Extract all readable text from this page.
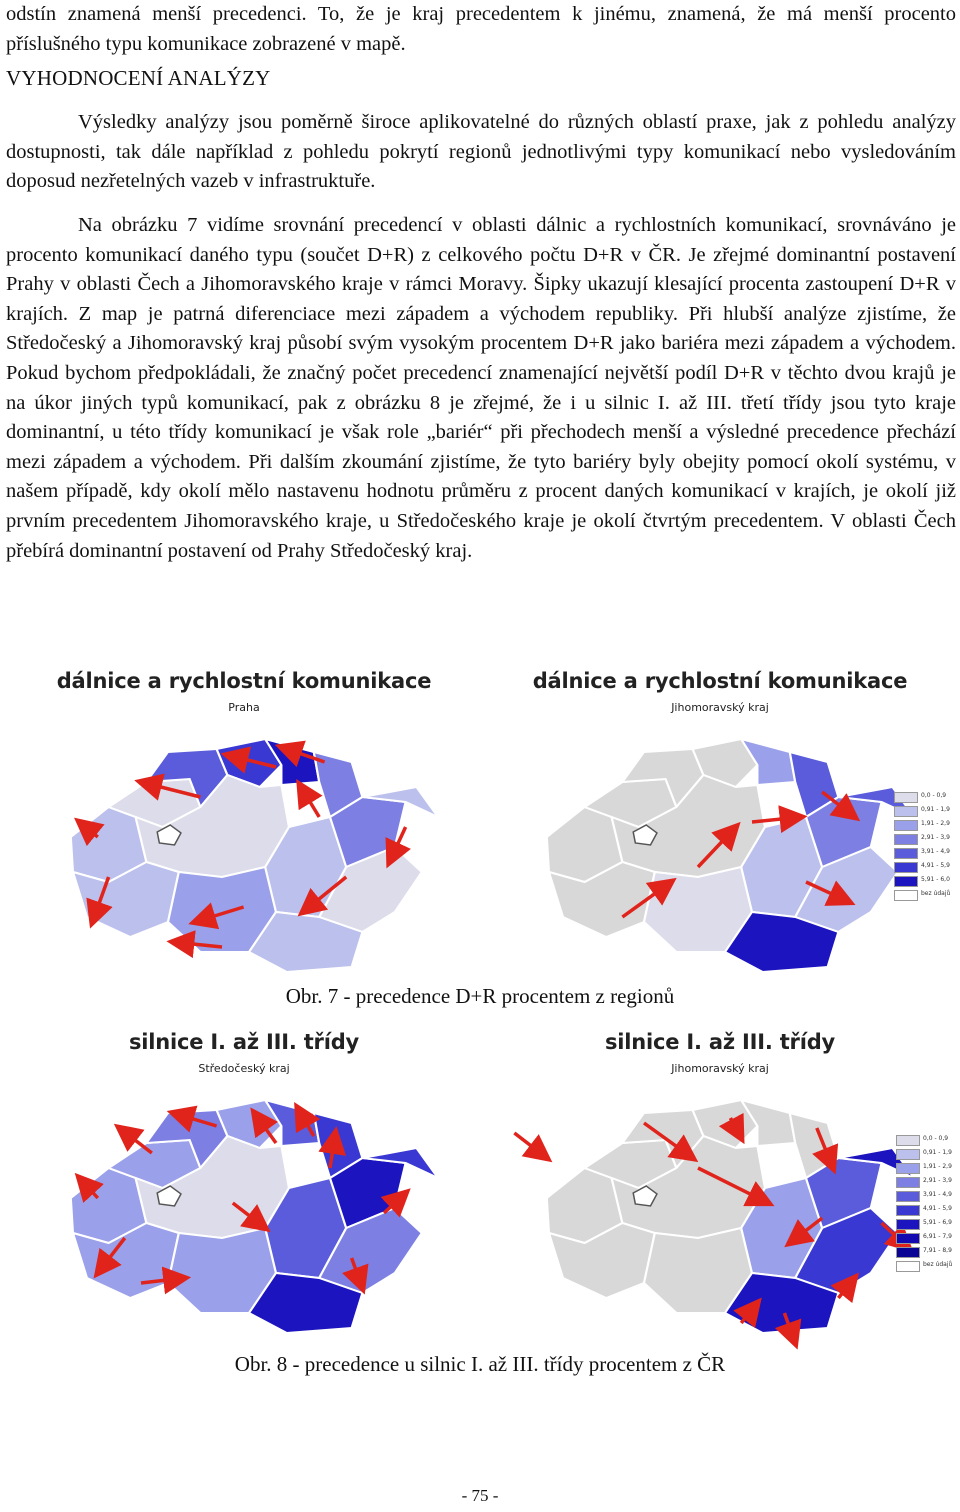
odstín znamená menší precedenci. To, že je kraj precedentem k jinému, znamená, že má menší procento příslušného typu komunikace zobrazené v mapě.

VYHODNOCENÍ ANALÝZY

Výsledky analýzy jsou poměrně široce aplikovatelné do různých oblastí praxe, jak z pohledu analýzy dostupnosti, tak dále například z pohledu pokrytí regionů jednotlivými typy komunikací nebo vysledováním doposud nezřetelných vazeb v infrastruktuře.

Na obrázku 7 vidíme srovnání precedencí v oblasti dálnic a rychlostních komunikací, srovnáváno je procento komunikací daného typu (součet D+R) z celkového počtu D+R v ČR. Je zřejmé dominantní postavení Prahy v oblasti Čech a Jihomoravského kraje v rámci Moravy. Šipky ukazují klesající procenta zastoupení D+R v krajích. Z map je patrná diferenciace mezi západem a východem republiky. Při hlubší analýze zjistíme, že Středočeský a Jihomoravský kraj působí svým vysokým procentem D+R jako bariéra mezi západem a východem. Pokud bychom předpokládali, že značný počet precedencí znamenající největší podíl D+R v těchto dvou krajů je na úkor jiných typů komunikací, pak z obrázku 8 je zřejmé, že i u silnic I. až III. třetí třídy jsou tyto kraje dominantní, u této třídy komunikací je však role „bariér“ při přechodech menší a výsledné precedence přechází mezi západem a východem. Při dalším zkoumání zjistíme, že tyto bariéry byly obejity pomocí okolí systému, v našem případě, kdy okolí mělo nastavenu hodnotu průměru z procent daných komunikací v krajích, je okolí již prvním precedentem Jihomoravského kraje, u Středočeského kraje je okolí čtvrtým precedentem. V oblasti Čech přebírá dominantní postavení od Prahy Středočeský kraj.

dálnice a rychlostní komunikace
Praha
dálnice a rychlostní komunikace
Jihomoravský kraj
0,0 - 0,9
0,91 - 1,9
1,91 - 2,9
2,91 - 3,9
3,91 - 4,9
4,91 - 5,9
5,91 - 6,0
bez údajů
Obr. 7 - precedence D+R procentem z regionů
silnice I. až III. třídy
Středočeský kraj
silnice I. až III. třídy
Jihomoravský kraj
0,0 - 0,9
0,91 - 1,9
1,91 - 2,9
2,91 - 3,9
3,91 - 4,9
4,91 - 5,9
5,91 - 6,9
6,91 - 7,9
7,91 - 8,9
bez údajů
Obr. 8 - precedence u silnic I. až III. třídy procentem z ČR
- 75 -
